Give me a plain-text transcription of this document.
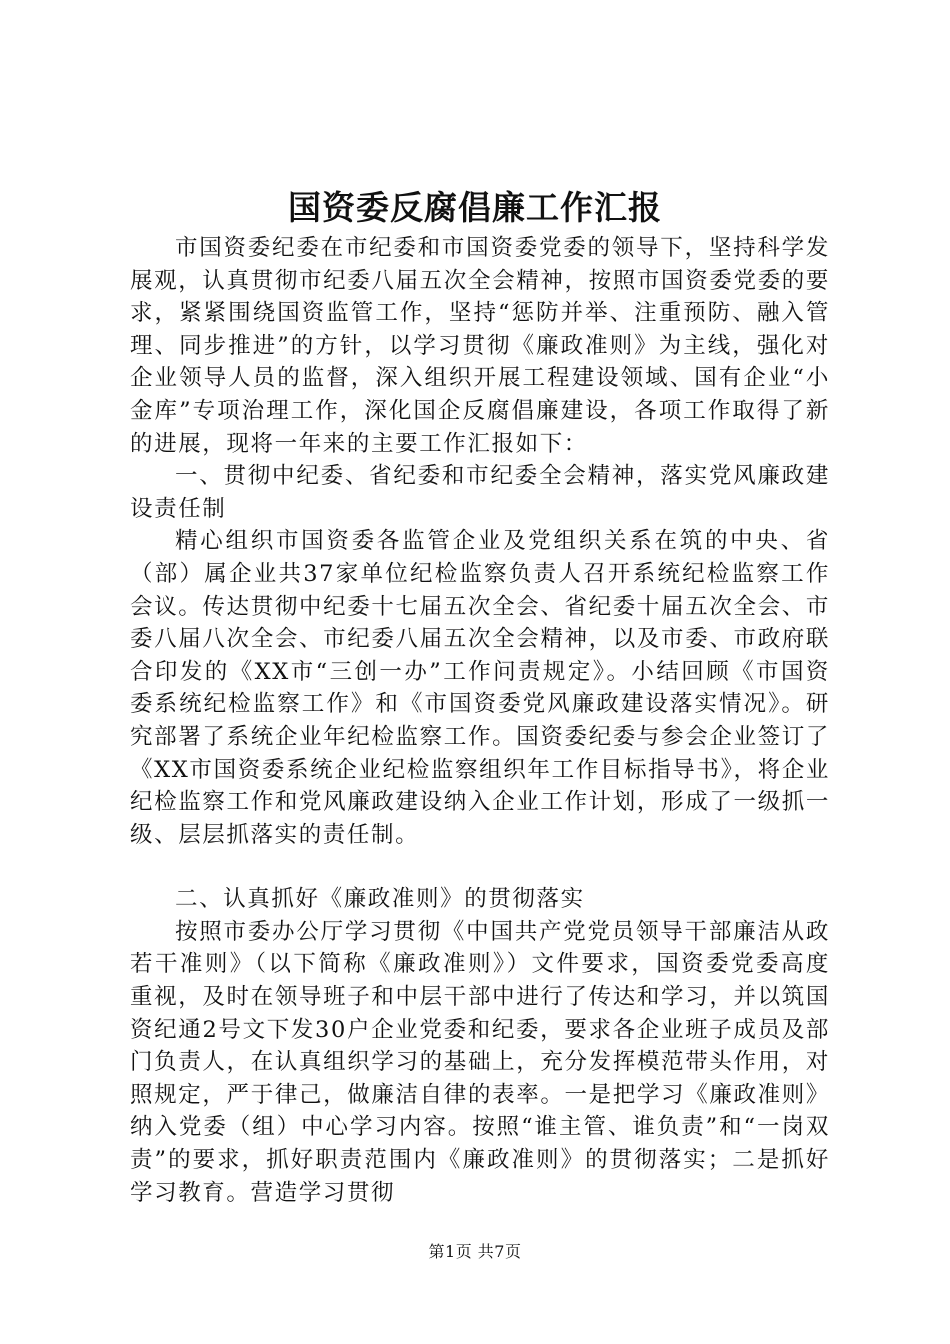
国资委反腐倡廉工作汇报

市国资委纪委在市纪委和市国资委党委的领导下，坚持科学发展观，认真贯彻市纪委八届五次全会精神，按照市国资委党委的要求，紧紧围绕国资监管工作，坚持“惩防并举、注重预防、融入管理、同步推进”的方针，以学习贯彻《廉政准则》为主线，强化对企业领导人员的监督，深入组织开展工程建设领域、国有企业“小金库”专项治理工作，深化国企反腐倡廉建设，各项工作取得了新的进展，现将一年来的主要工作汇报如下：

一、贯彻中纪委、省纪委和市纪委全会精神，落实党风廉政建设责任制

精心组织市国资委各监管企业及党组织关系在筑的中央、省（部）属企业共37家单位纪检监察负责人召开系统纪检监察工作会议。传达贯彻中纪委十七届五次全会、省纪委十届五次全会、市委八届八次全会、市纪委八届五次全会精神，以及市委、市政府联合印发的《XX市“三创一办”工作问责规定》。小结回顾《市国资委系统纪检监察工作》和《市国资委党风廉政建设落实情况》。研究部署了系统企业年纪检监察工作。国资委纪委与参会企业签订了《XX市国资委系统企业纪检监察组织年工作目标指导书》，将企业纪检监察工作和党风廉政建设纳入企业工作计划，形成了一级抓一级、层层抓落实的责任制。

二、认真抓好《廉政准则》的贯彻落实

按照市委办公厅学习贯彻《中国共产党党员领导干部廉洁从政若干准则》（以下简称《廉政准则》）文件要求，国资委党委高度重视，及时在领导班子和中层干部中进行了传达和学习，并以筑国资纪通2号文下发30户企业党委和纪委，要求各企业班子成员及部门负责人，在认真组织学习的基础上，充分发挥模范带头作用，对照规定，严于律己，做廉洁自律的表率。一是把学习《廉政准则》纳入党委（组）中心学习内容。按照“谁主管、谁负责”和“一岗双责”的要求，抓好职责范围内《廉政准则》的贯彻落实；二是抓好学习教育。营造学习贯彻

第1页 共7页
